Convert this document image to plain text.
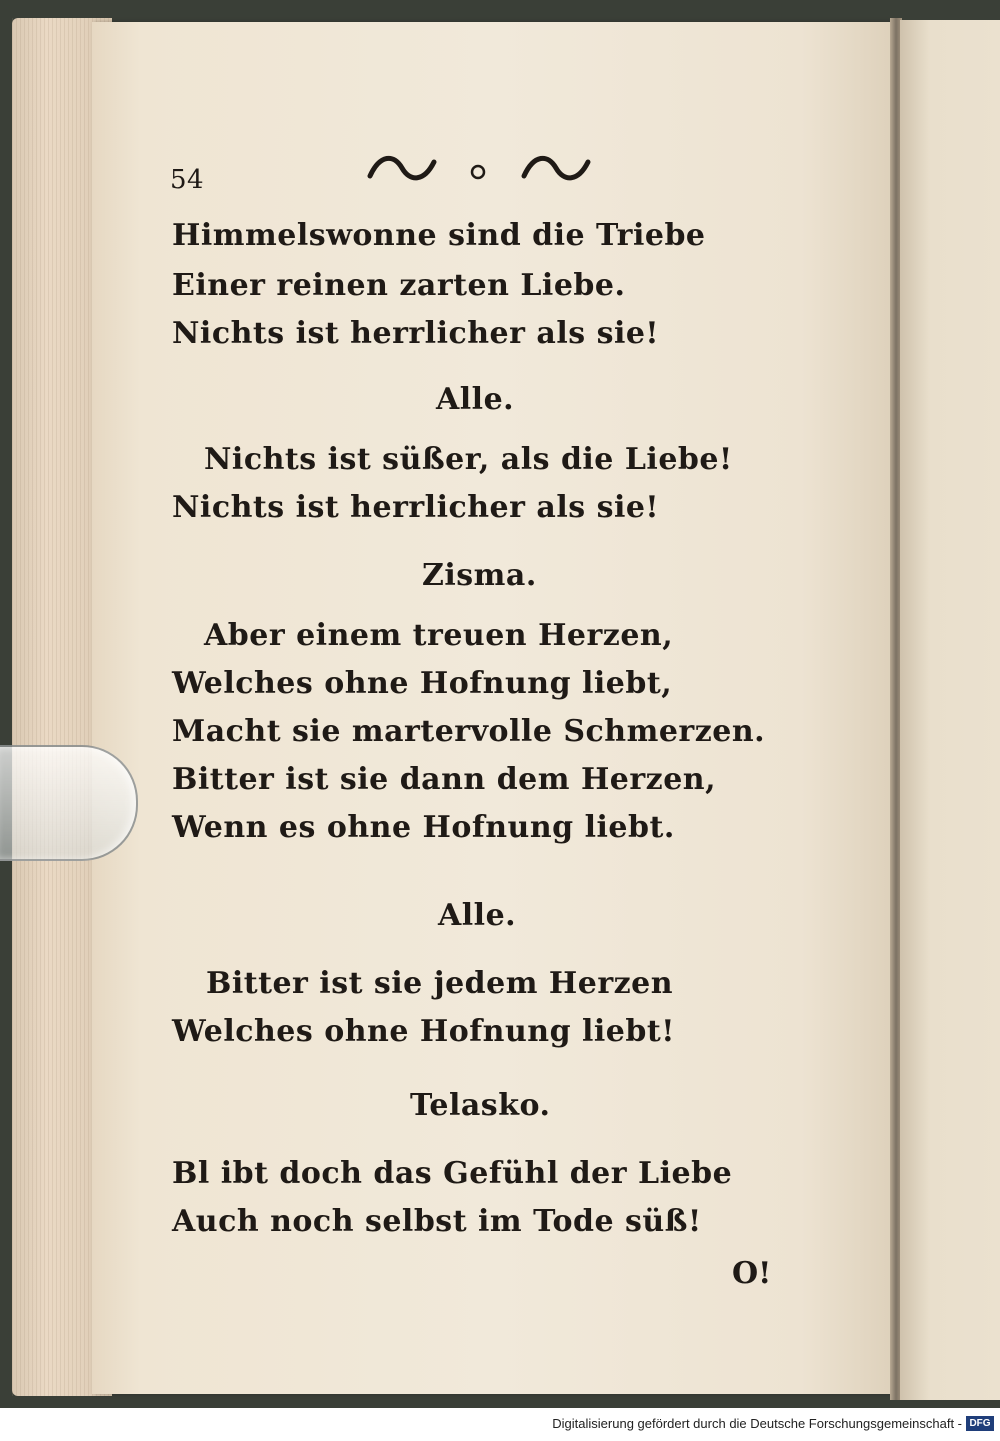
54
Himmelswonne sind die Triebe
Einer reinen zarten Liebe.
Nichts ist herrlicher als sie!
Alle.
Nichts ist süßer, als die Liebe!
Nichts ist herrlicher als sie!
Zisma.
Aber einem treuen Herzen,
Welches ohne Hofnung liebt,
Macht sie martervolle Schmerzen.
Bitter ist sie dann dem Herzen,
Wenn es ohne Hofnung liebt.
Alle.
Bitter ist sie jedem Herzen
Welches ohne Hofnung liebt!
Telasko.
Bl ibt doch das Gefühl der Liebe
Auch noch selbst im Tode süß!
O!
Digitalisierung gefördert durch die Deutsche Forschungsgemeinschaft - DFG
